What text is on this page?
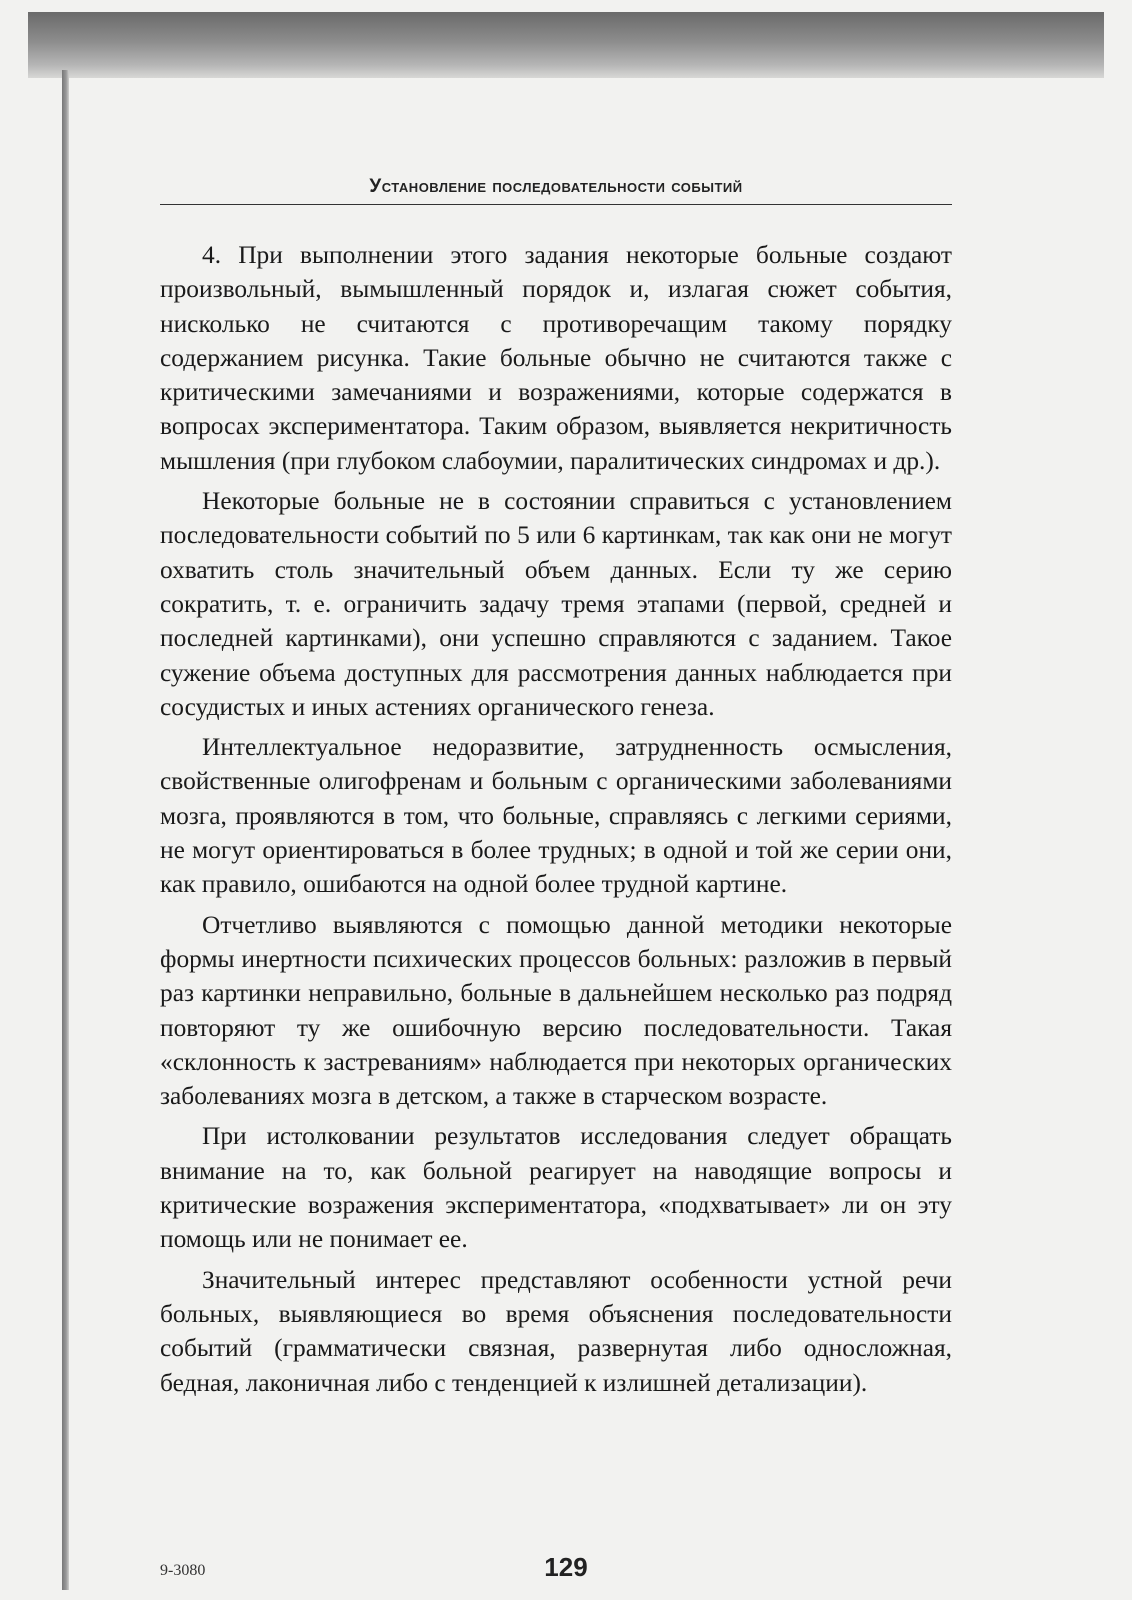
Установление последовательности событий

4. При выполнении этого задания некоторые больные создают произвольный, вымышленный порядок и, излагая сюжет события, нисколько не считаются с противоречащим такому порядку содержанием рисунка. Такие больные обычно не считаются также с критическими замечаниями и возражениями, которые содержатся в вопросах экспериментатора. Таким образом, выявляется некритичность мышления (при глубоком слабоумии, паралитических синдромах и др.).

Некоторые больные не в состоянии справиться с установлением последовательности событий по 5 или 6 картинкам, так как они не могут охватить столь значительный объем данных. Если ту же серию сократить, т. е. ограничить задачу тремя этапами (первой, средней и последней картинками), они успешно справляются с заданием. Такое сужение объема доступных для рассмотрения данных наблюдается при сосудистых и иных астениях органического генеза.

Интеллектуальное недоразвитие, затрудненность осмысления, свойственные олигофренам и больным с органическими заболеваниями мозга, проявляются в том, что больные, справляясь с легкими сериями, не могут ориентироваться в более трудных; в одной и той же серии они, как правило, ошибаются на одной более трудной картине.

Отчетливо выявляются с помощью данной методики некоторые формы инертности психических процессов больных: разложив в первый раз картинки неправильно, больные в дальнейшем несколько раз подряд повторяют ту же ошибочную версию последовательности. Такая «склонность к застреваниям» наблюдается при некоторых органических заболеваниях мозга в детском, а также в старческом возрасте.

При истолковании результатов исследования следует обращать внимание на то, как больной реагирует на наводящие вопросы и критические возражения экспериментатора, «подхватывает» ли он эту помощь или не понимает ее.

Значительный интерес представляют особенности устной речи больных, выявляющиеся во время объяснения последовательности событий (грамматически связная, развернутая либо односложная, бедная, лаконичная либо с тенденцией к излишней детализации).

9-3080	129
